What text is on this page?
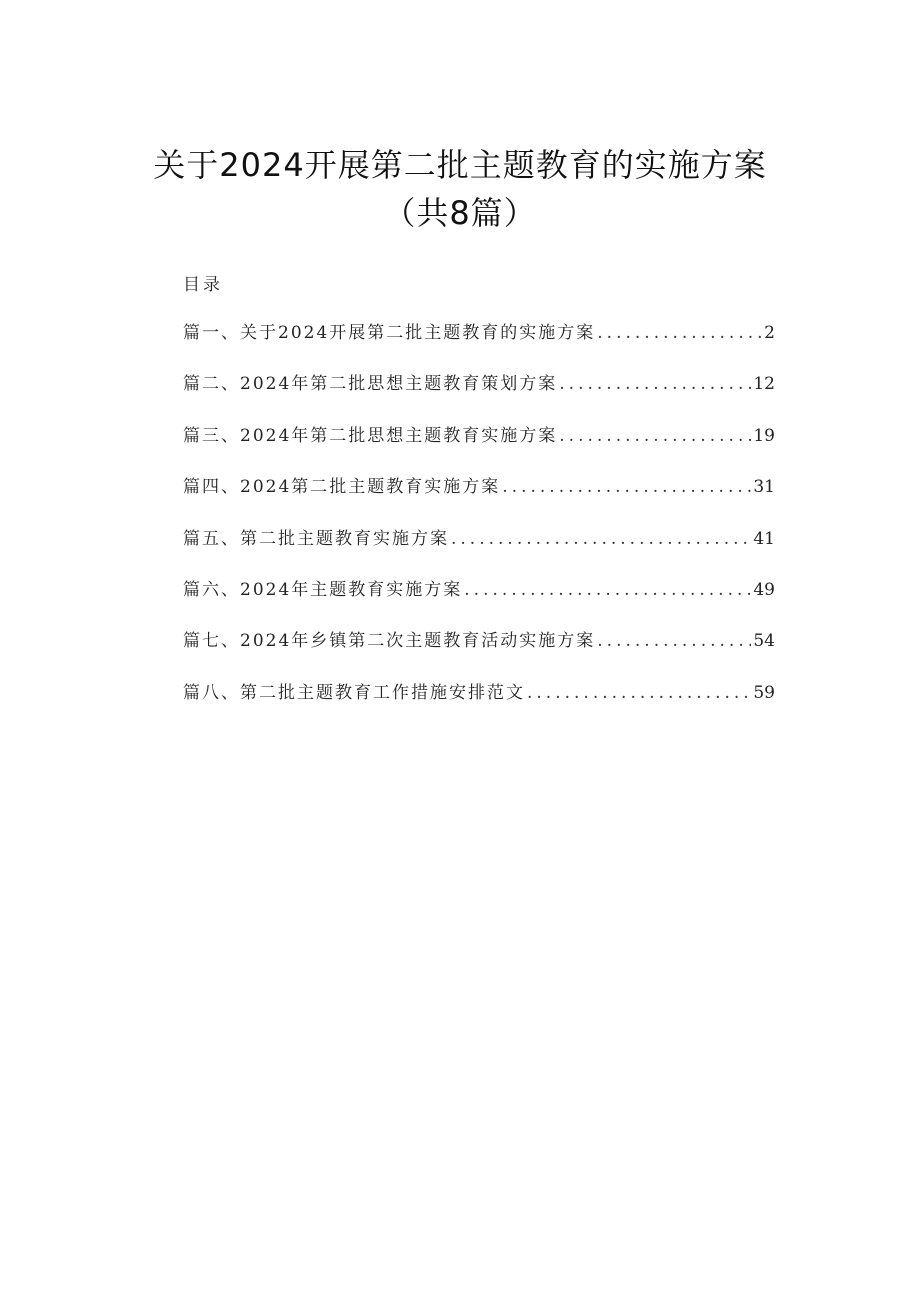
关于2024开展第二批主题教育的实施方案
（共8篇）
目录
篇一、关于2024开展第二批主题教育的实施方案 .....	2
篇二、2024年第二批思想主题教育策划方案 .....	12
篇三、2024年第二批思想主题教育实施方案 .....	19
篇四、2024第二批主题教育实施方案 .....	31
篇五、第二批主题教育实施方案 .....	41
篇六、2024年主题教育实施方案 .....	49
篇七、2024年乡镇第二次主题教育活动实施方案 .....	54
篇八、第二批主题教育工作措施安排范文 .....	59
